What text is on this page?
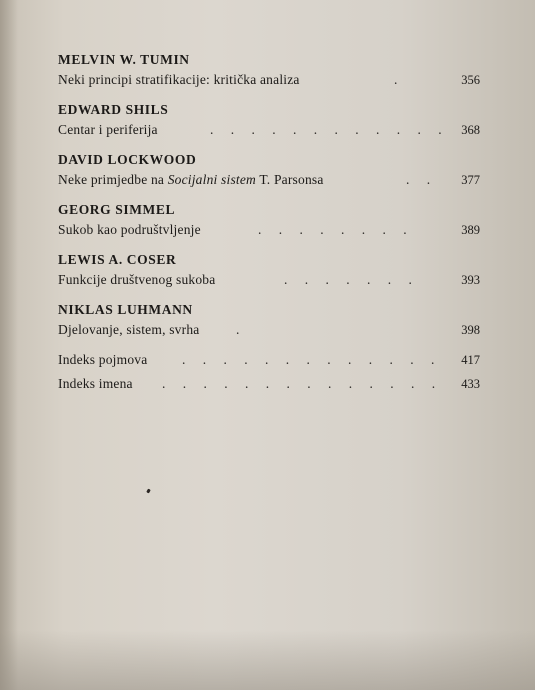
MELVIN W. TUMIN
Neki principi stratifikacije: kritička analiza	.	356
EDWARD SHILS
Centar i periferija	. . . . . . . . . . . . 368
DAVID LOCKWOOD
Neke primjedbe na Socijalni sistem T. Parsonsa	. . 377
GEORG SIMMEL
Sukob kao podruštvljenje	. . . . . . . .	389
LEWIS A. COSER
Funkcije društvenog sukoba	. . . . . . .	393
NIKLAS LUHMANN
Djelovanje, sistem, svrha	.	398
Indeks pojmova	. . . . . . . . . . . . . 417
Indeks imena . . . . . . . . . . . . . . 433
